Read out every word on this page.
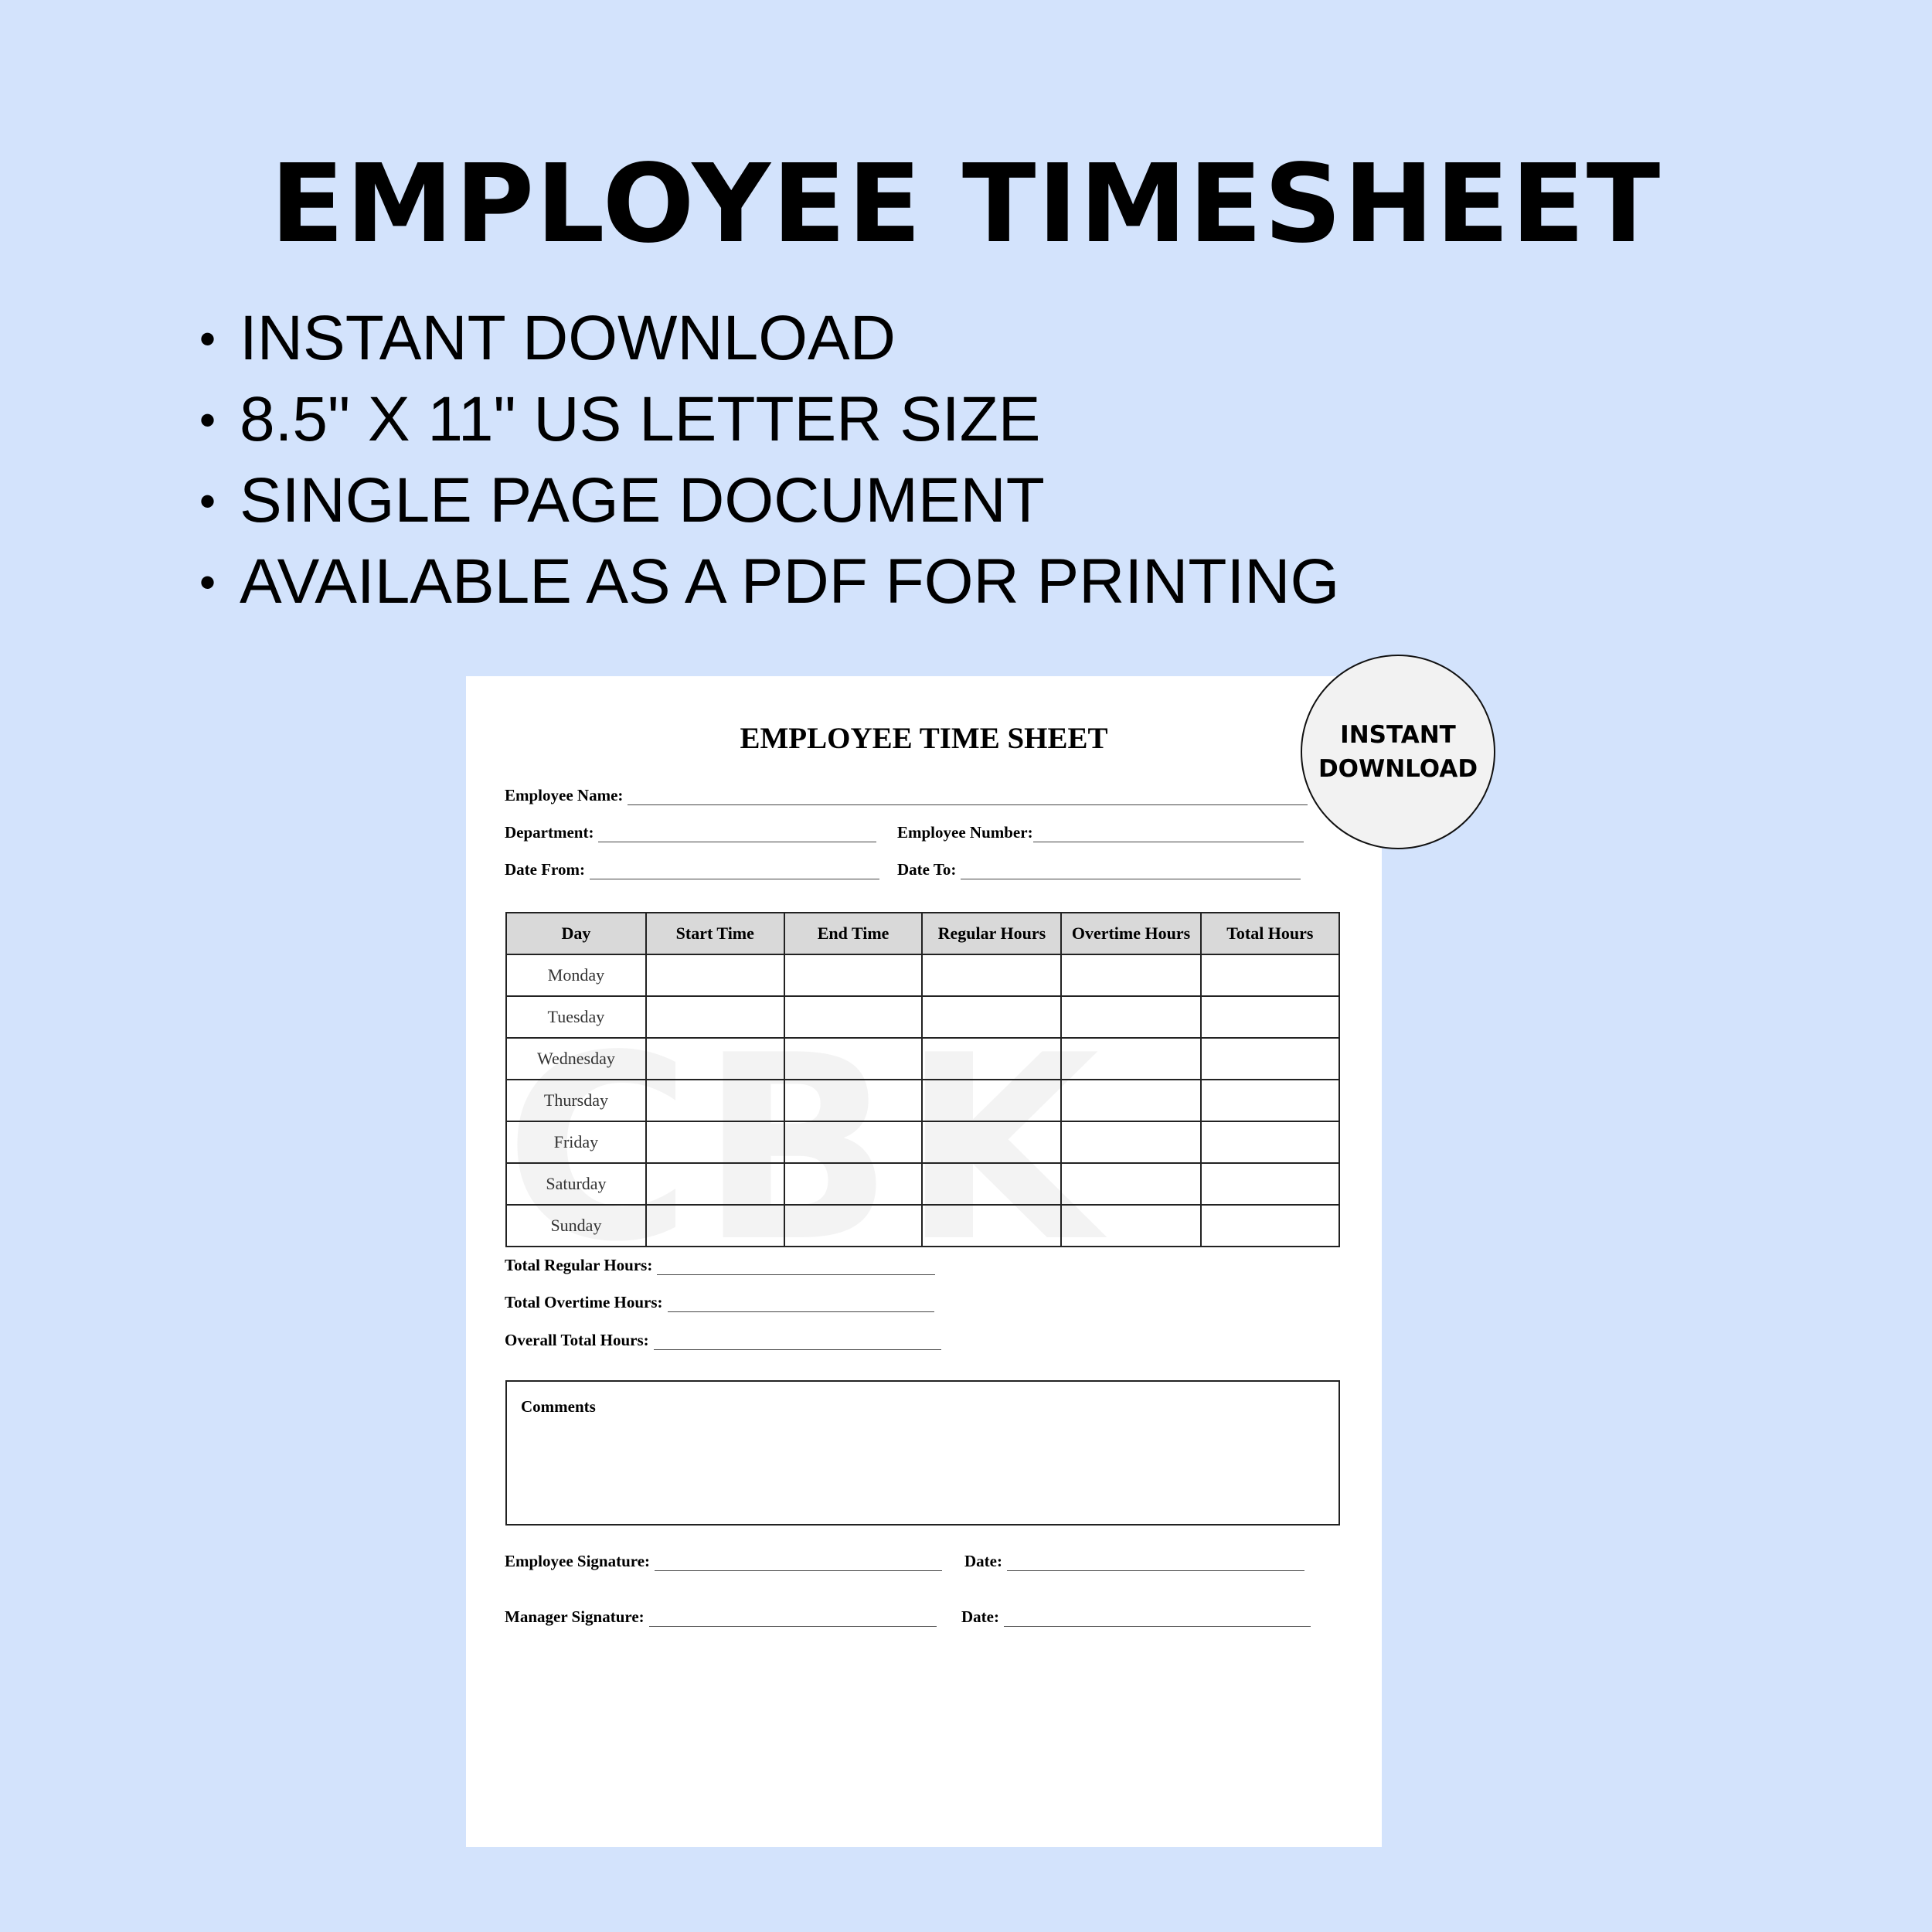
EMPLOYEE TIMESHEET
• INSTANT DOWNLOAD
• 8.5" X 11" US LETTER SIZE
• SINGLE PAGE DOCUMENT
• AVAILABLE AS A PDF FOR PRINTING
EMPLOYEE TIME SHEET
Employee Name:
Department:	Employee Number:
Date From:	Date To:
Day	Start Time	End Time	Regular Hours	Overtime Hours	Total Hours
Monday					
Tuesday					
Wednesday					
Thursday					
Friday					
Saturday					
Sunday					
Total Regular Hours:
Total Overtime Hours:
Overall Total Hours:
Comments
Employee Signature:	Date:
Manager Signature:	Date:
INSTANT
DOWNLOAD
